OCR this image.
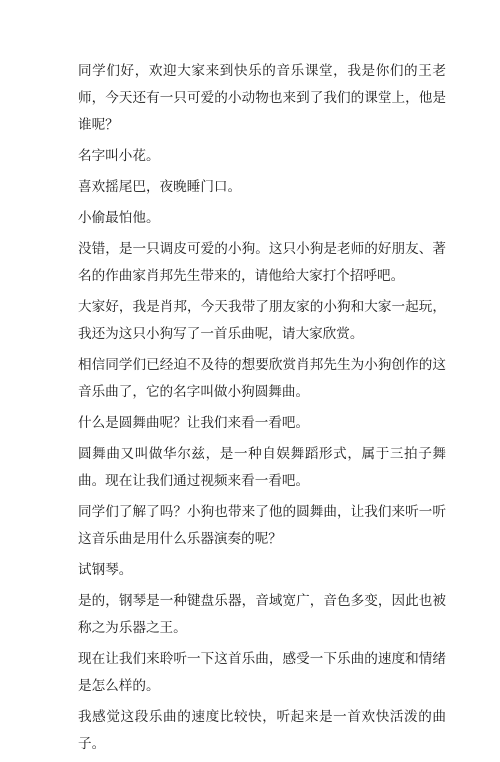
同学们好，欢迎大家来到快乐的音乐课堂，我是你们的王老师，今天还有一只可爱的小动物也来到了我们的课堂上，他是谁呢？

名字叫小花。

喜欢摇尾巴，夜晚睡门口。

小偷最怕他。

没错，是一只调皮可爱的小狗。这只小狗是老师的好朋友、著名的作曲家肖邦先生带来的，请他给大家打个招呼吧。

大家好，我是肖邦，今天我带了朋友家的小狗和大家一起玩，我还为这只小狗写了一首乐曲呢，请大家欣赏。

相信同学们已经迫不及待的想要欣赏肖邦先生为小狗创作的这音乐曲了，它的名字叫做小狗圆舞曲。

什么是圆舞曲呢？让我们来看一看吧。

圆舞曲又叫做华尔兹，是一种自娱舞蹈形式，属于三拍子舞曲。现在让我们通过视频来看一看吧。

同学们了解了吗？小狗也带来了他的圆舞曲，让我们来听一听这音乐曲是用什么乐器演奏的呢？

试钢琴。

是的，钢琴是一种键盘乐器，音域宽广，音色多变，因此也被称之为乐器之王。

现在让我们来聆听一下这首乐曲，感受一下乐曲的速度和情绪是怎么样的。

我感觉这段乐曲的速度比较快，听起来是一首欢快活泼的曲子。
